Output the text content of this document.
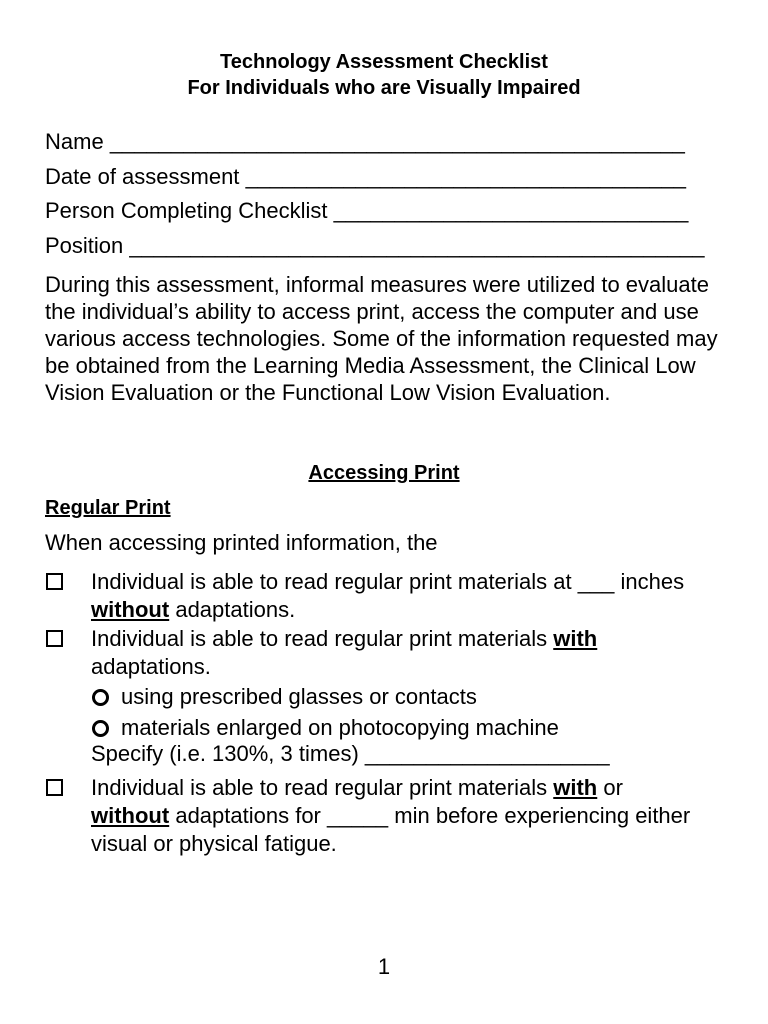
Technology Assessment Checklist
For Individuals who are Visually Impaired
Name _______________________________________________
Date of assessment ____________________________________
Person Completing Checklist _____________________________
Position _______________________________________________
During this assessment, informal measures were utilized to evaluate the individual’s ability to access print, access the computer and use various access technologies. Some of the information requested may be obtained from the Learning Media Assessment, the Clinical Low Vision Evaluation or the Functional Low Vision Evaluation.
Accessing Print
Regular Print
When accessing printed information, the
Individual is able to read regular print materials at ___ inches
without adaptations.
Individual is able to read regular print materials with
adaptations.
using prescribed glasses or contacts
materials enlarged on photocopying machine
Specify (i.e. 130%, 3 times) ____________________
Individual is able to read regular print materials with or
without adaptations for _____ min before experiencing either visual or physical fatigue.
1
